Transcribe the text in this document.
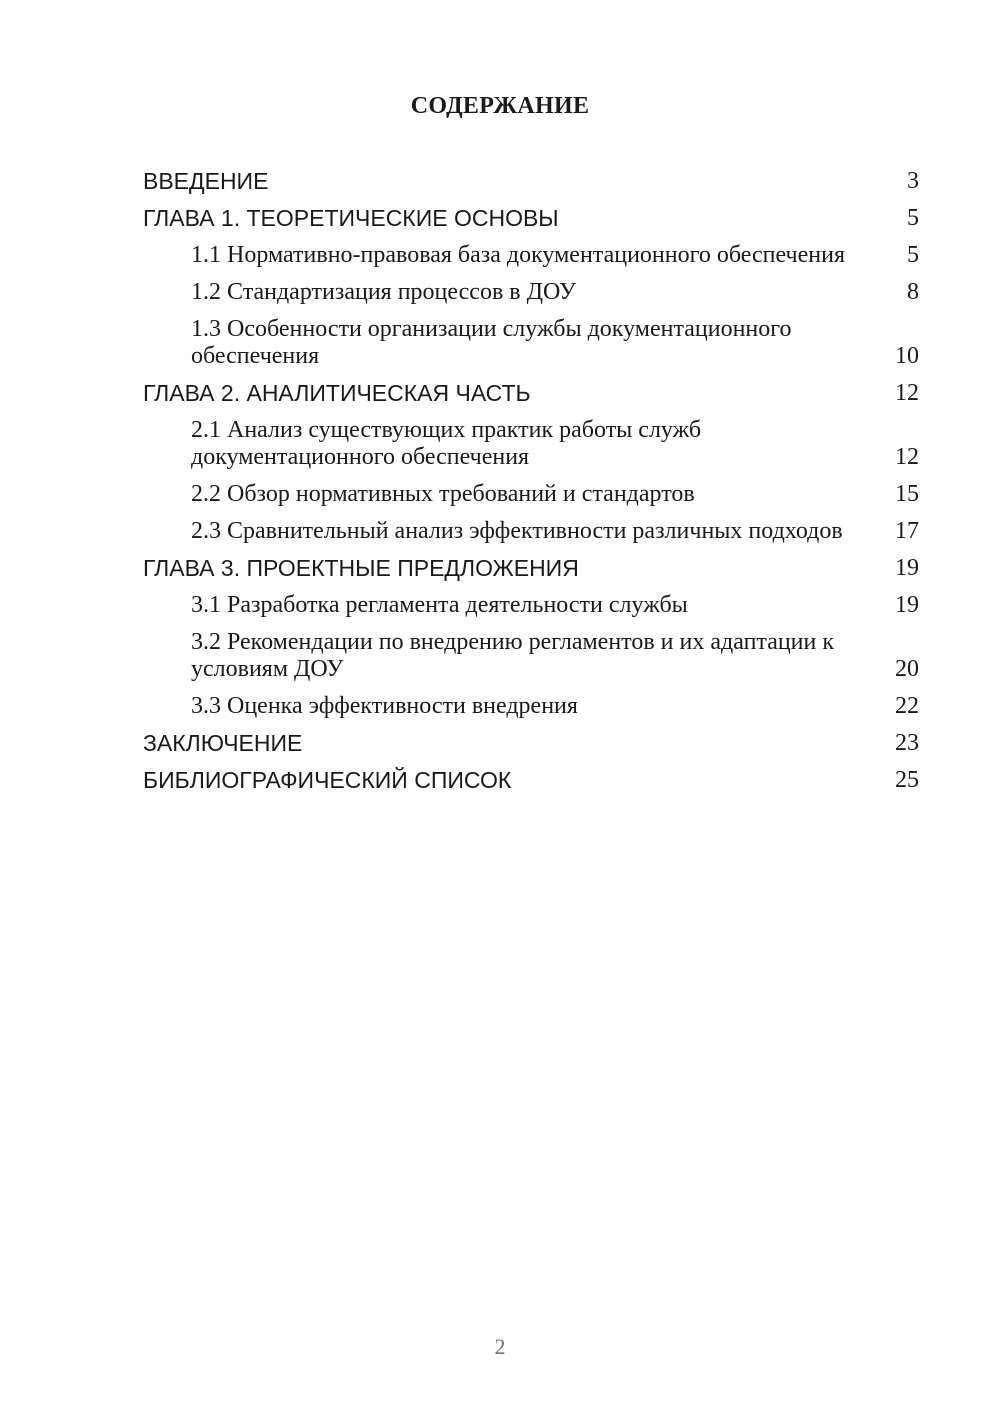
СОДЕРЖАНИЕ
ВВЕДЕНИЕ	3
ГЛАВА 1. ТЕОРЕТИЧЕСКИЕ ОСНОВЫ	5
1.1 Нормативно-правовая база документационного обеспечения	5
1.2 Стандартизация процессов в ДОУ	8
1.3 Особенности организации службы документационного обеспечения	10
ГЛАВА 2. АНАЛИТИЧЕСКАЯ ЧАСТЬ	12
2.1 Анализ существующих практик работы служб документационного обеспечения	12
2.2 Обзор нормативных требований и стандартов	15
2.3 Сравнительный анализ эффективности различных подходов 17
ГЛАВА 3. ПРОЕКТНЫЕ ПРЕДЛОЖЕНИЯ	19
3.1 Разработка регламента деятельности службы	19
3.2 Рекомендации по внедрению регламентов и их адаптации к условиям ДОУ	20
3.3 Оценка эффективности внедрения	22
ЗАКЛЮЧЕНИЕ	23
БИБЛИОГРАФИЧЕСКИЙ СПИСОК	25
2
